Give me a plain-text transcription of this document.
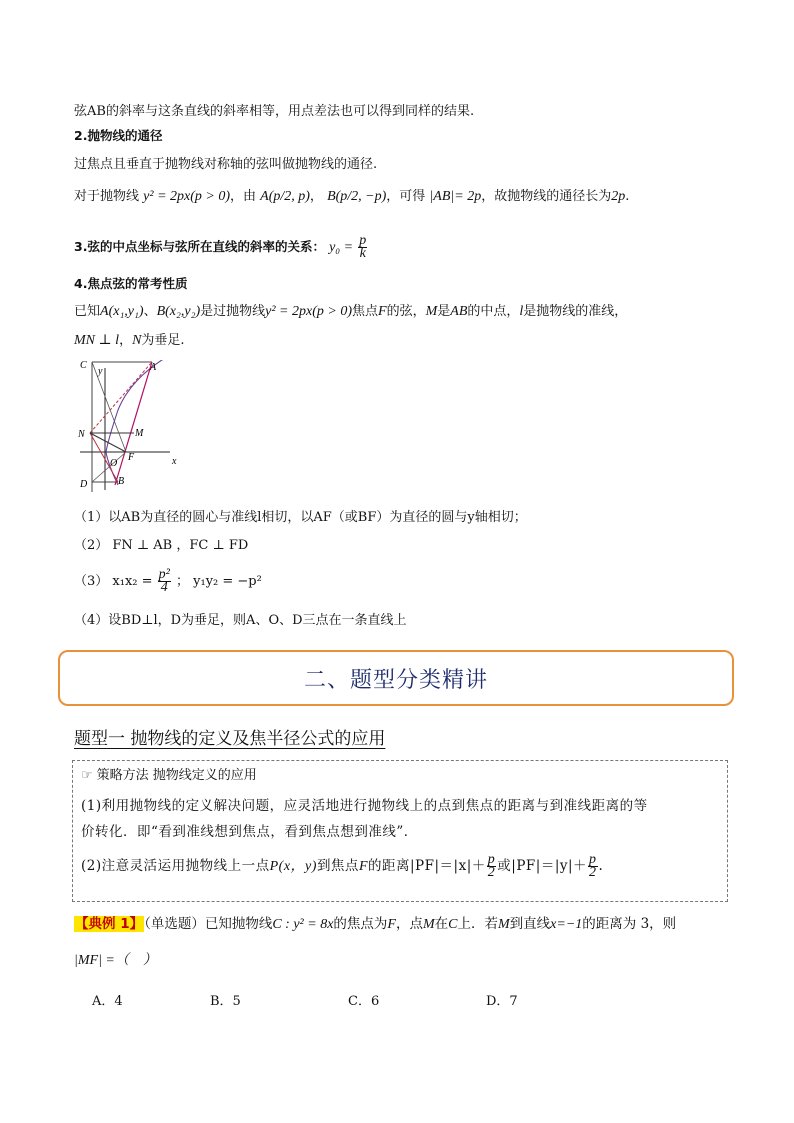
弦AB的斜率与这条直线的斜率相等，用点差法也可以得到同样的结果.
2.抛物线的通径
过焦点且垂直于抛物线对称轴的弦叫做抛物线的通径.
对于抛物线 y² = 2px(p > 0)，由 A(p/2, p)， B(p/2, −p)，可得 |AB|= 2p，故抛物线的通径长为2p.
3.弦的中点坐标与弦所在直线的斜率的关系： $y_0 = \frac{p}{k}$
4.焦点弦的常考性质
已知A(x₁,y₁)、B(x₂,y₂)是过抛物线y² = 2px(p > 0)焦点F的弦，M是AB的中点，l是抛物线的准线，
MN ⊥ l，N为垂足.
y
x
C	A
N	M
O
F
D	B
（1）以AB为直径的圆心与准线l相切，以AF（或BF）为直径的圆与y轴相切；
（2） FN ⊥ AB ，FC ⊥ FD
（3） $x_1x_2 = \frac{\text{p²}}{4}$ ； y₁y₂ = −p²
（4）设BD⊥l，D为垂足，则A、O、D三点在一条直线上
二、题型分类精讲
题型一 抛物线的定义及焦半径公式的应用
☞ 策略方法 抛物线定义的应用

(1)利用抛物线的定义解决问题，应灵活地进行抛物线上的点到焦点的距离与到准线距离的等
价转化．即“看到准线想到焦点，看到焦点想到准线”．

(2)注意灵活运用抛物线上一点P(x，y)到焦点F的距离$|PF|=|x|+ \frac{p}{2}$ 或$|PF|=|y|+ \frac{p}{2}$ .

【典例 1】（单选题）已知抛物线C : y² = 8x的焦点为F，点M在C上．若M到直线x=−1的距离为 3，则
|MF| =（　）
A．4	B．5	C．6	D．7
